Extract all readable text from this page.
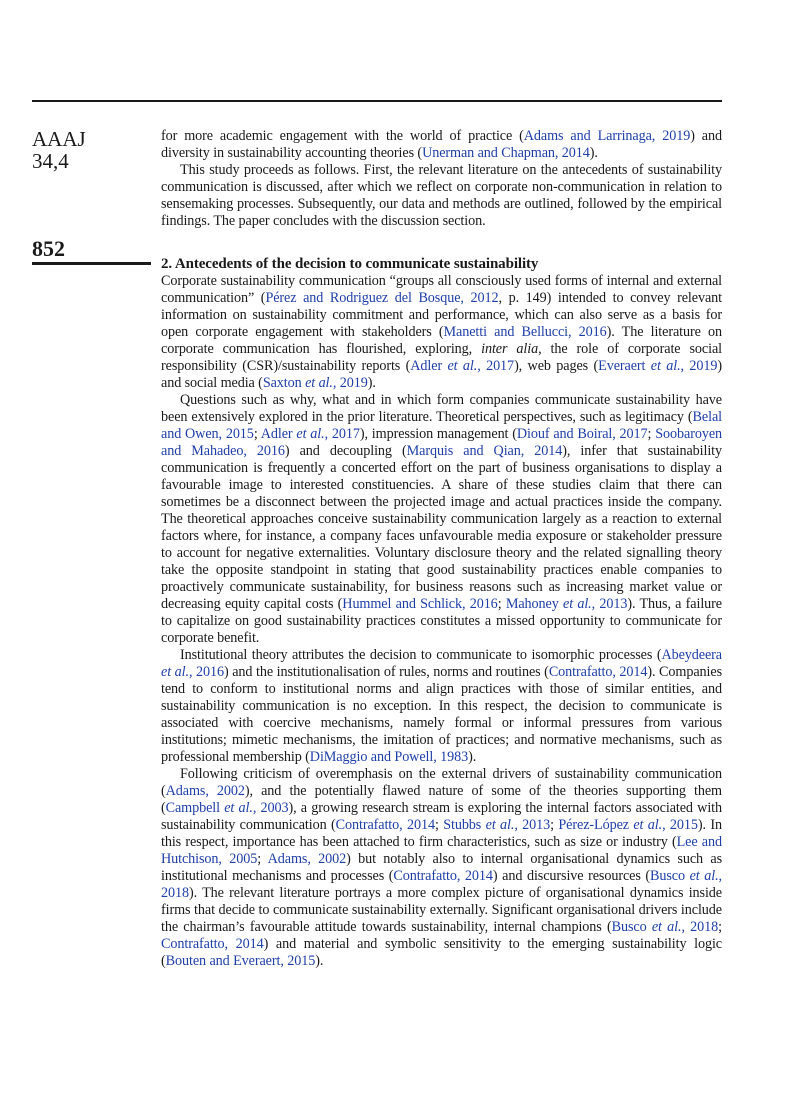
AAAJ
34,4
852

for more academic engagement with the world of practice (Adams and Larrinaga, 2019) and diversity in sustainability accounting theories (Unerman and Chapman, 2014).

This study proceeds as follows. First, the relevant literature on the antecedents of sustainability communication is discussed, after which we reflect on corporate non-communication in relation to sensemaking processes. Subsequently, our data and methods are outlined, followed by the empirical findings. The paper concludes with the discussion section.

2. Antecedents of the decision to communicate sustainability

Corporate sustainability communication “groups all consciously used forms of internal and external communication” (Pérez and Rodriguez del Bosque, 2012, p. 149) intended to convey relevant information on sustainability commitment and performance, which can also serve as a basis for open corporate engagement with stakeholders (Manetti and Bellucci, 2016). The literature on corporate communication has flourished, exploring, inter alia, the role of corporate social responsibility (CSR)/sustainability reports (Adler et al., 2017), web pages (Everaert et al., 2019) and social media (Saxton et al., 2019).

Questions such as why, what and in which form companies communicate sustainability have been extensively explored in the prior literature. Theoretical perspectives, such as legitimacy (Belal and Owen, 2015; Adler et al., 2017), impression management (Diouf and Boiral, 2017; Soobaroyen and Mahadeo, 2016) and decoupling (Marquis and Qian, 2014), infer that sustainability communication is frequently a concerted effort on the part of business organisations to display a favourable image to interested constituencies. A share of these studies claim that there can sometimes be a disconnect between the projected image and actual practices inside the company. The theoretical approaches conceive sustainability communication largely as a reaction to external factors where, for instance, a company faces unfavourable media exposure or stakeholder pressure to account for negative externalities. Voluntary disclosure theory and the related signalling theory take the opposite standpoint in stating that good sustainability practices enable companies to proactively communicate sustainability, for business reasons such as increasing market value or decreasing equity capital costs (Hummel and Schlick, 2016; Mahoney et al., 2013). Thus, a failure to capitalize on good sustainability practices constitutes a missed opportunity to communicate for corporate benefit.

Institutional theory attributes the decision to communicate to isomorphic processes (Abeydeera et al., 2016) and the institutionalisation of rules, norms and routines (Contrafatto, 2014). Companies tend to conform to institutional norms and align practices with those of similar entities, and sustainability communication is no exception. In this respect, the decision to communicate is associated with coercive mechanisms, namely formal or informal pressures from various institutions; mimetic mechanisms, the imitation of practices; and normative mechanisms, such as professional membership (DiMaggio and Powell, 1983).

Following criticism of overemphasis on the external drivers of sustainability communication (Adams, 2002), and the potentially flawed nature of some of the theories supporting them (Campbell et al., 2003), a growing research stream is exploring the internal factors associated with sustainability communication (Contrafatto, 2014; Stubbs et al., 2013; Pérez-López et al., 2015). In this respect, importance has been attached to firm characteristics, such as size or industry (Lee and Hutchison, 2005; Adams, 2002) but notably also to internal organisational dynamics such as institutional mechanisms and processes (Contrafatto, 2014) and discursive resources (Busco et al., 2018). The relevant literature portrays a more complex picture of organisational dynamics inside firms that decide to communicate sustainability externally. Significant organisational drivers include the chairman’s favourable attitude towards sustainability, internal champions (Busco et al., 2018; Contrafatto, 2014) and material and symbolic sensitivity to the emerging sustainability logic (Bouten and Everaert, 2015).
